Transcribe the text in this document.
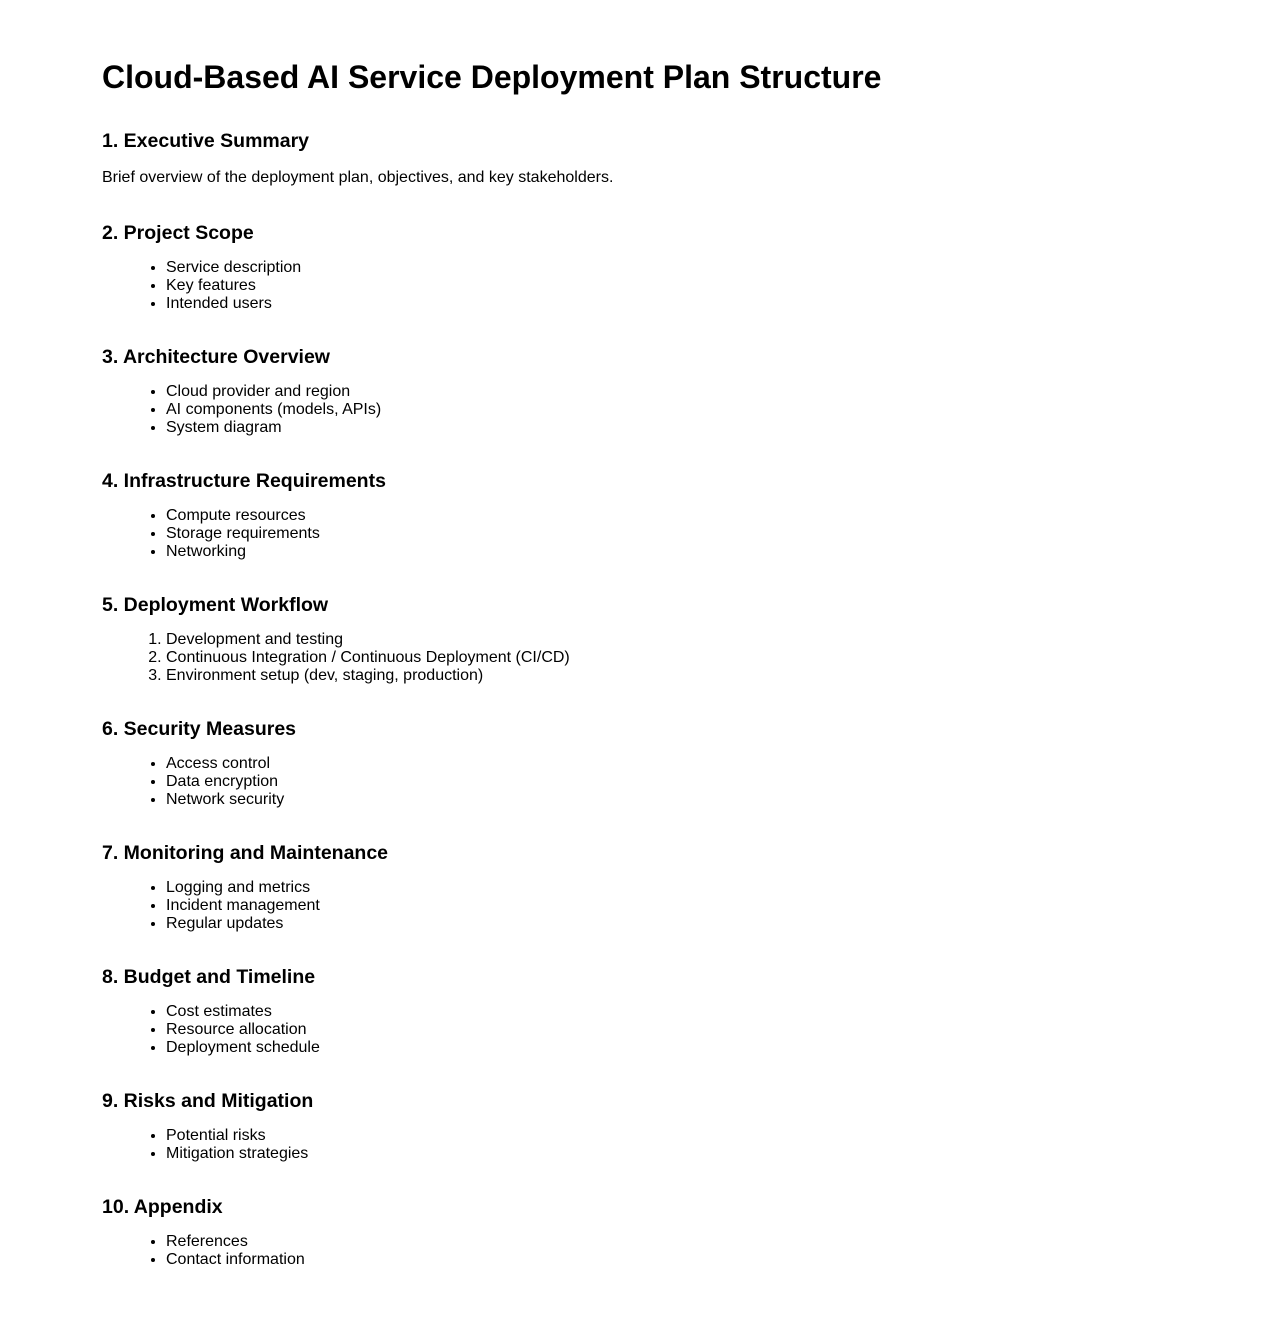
Cloud-Based AI Service Deployment Plan Structure
1. Executive Summary

Brief overview of the deployment plan, objectives, and key stakeholders.

2. Project Scope
• Service description
• Key features
• Intended users
3. Architecture Overview
• Cloud provider and region
• AI components (models, APIs)
• System diagram
4. Infrastructure Requirements
• Compute resources
• Storage requirements
• Networking
5. Deployment Workflow
1. Development and testing
2. Continuous Integration / Continuous Deployment (CI/CD)
3. Environment setup (dev, staging, production)
6. Security Measures
• Access control
• Data encryption
• Network security
7. Monitoring and Maintenance
• Logging and metrics
• Incident management
• Regular updates
8. Budget and Timeline
• Cost estimates
• Resource allocation
• Deployment schedule
9. Risks and Mitigation
• Potential risks
• Mitigation strategies
10. Appendix
• References
• Contact information
